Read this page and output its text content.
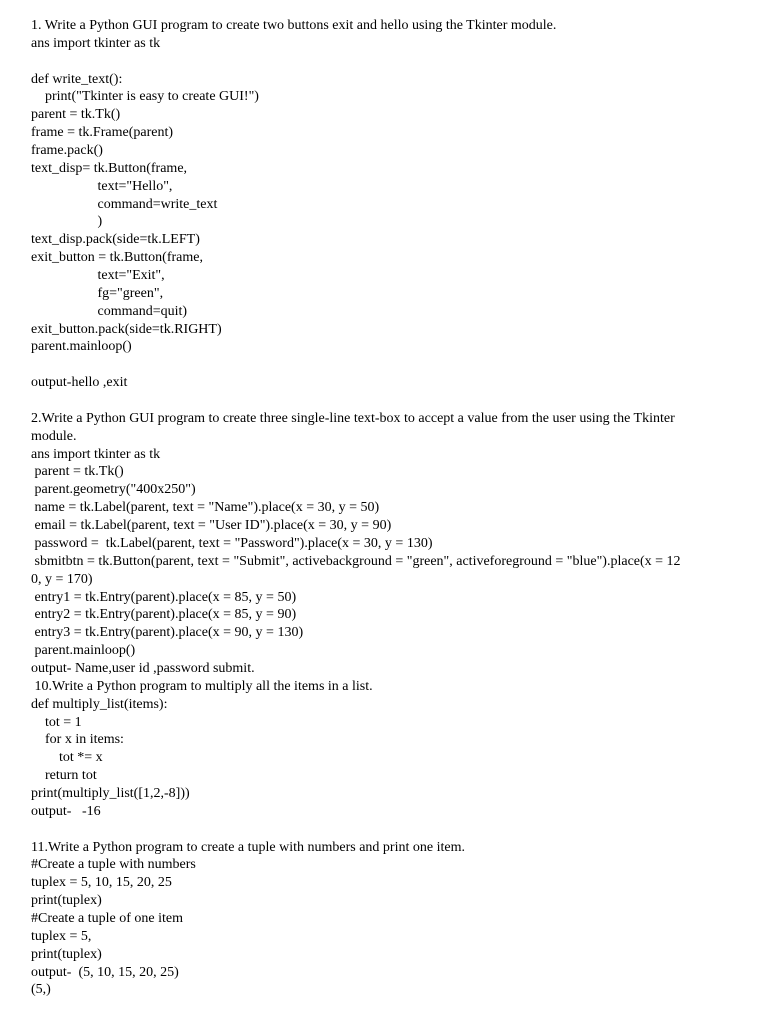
1. Write a Python GUI program to create two buttons exit and hello using the Tkinter module.
ans import tkinter as tk
def write_text():
print("Tkinter is easy to create GUI!")
parent = tk.Tk()
frame = tk.Frame(parent)
frame.pack()
text_disp= tk.Button(frame,
text="Hello",
command=write_text
)
text_disp.pack(side=tk.LEFT)
exit_button = tk.Button(frame,
text="Exit",
fg="green",
command=quit)
exit_button.pack(side=tk.RIGHT)
parent.mainloop()
output-hello ,exit
2.Write a Python GUI program to create three single-line text-box to accept a value from the user using the Tkinter
module.
ans import tkinter as tk
parent = tk.Tk()
parent.geometry("400x250")
name = tk.Label(parent, text = "Name").place(x = 30, y = 50)
email = tk.Label(parent, text = "User ID").place(x = 30, y = 90)
password =  tk.Label(parent, text = "Password").place(x = 30, y = 130)
sbmitbtn = tk.Button(parent, text = "Submit", activebackground = "green", activeforeground = "blue").place(x = 12
0, y = 170)
entry1 = tk.Entry(parent).place(x = 85, y = 50)
entry2 = tk.Entry(parent).place(x = 85, y = 90)
entry3 = tk.Entry(parent).place(x = 90, y = 130)
parent.mainloop()
output- Name,user id ,password submit.
10.Write a Python program to multiply all the items in a list.
def multiply_list(items):
tot = 1
for x in items:
tot *= x
return tot
print(multiply_list([1,2,-8]))
output-   -16
11.Write a Python program to create a tuple with numbers and print one item.
#Create a tuple with numbers
tuplex = 5, 10, 15, 20, 25
print(tuplex)
#Create a tuple of one item
tuplex = 5,
print(tuplex)
output-  (5, 10, 15, 20, 25)
(5,)
